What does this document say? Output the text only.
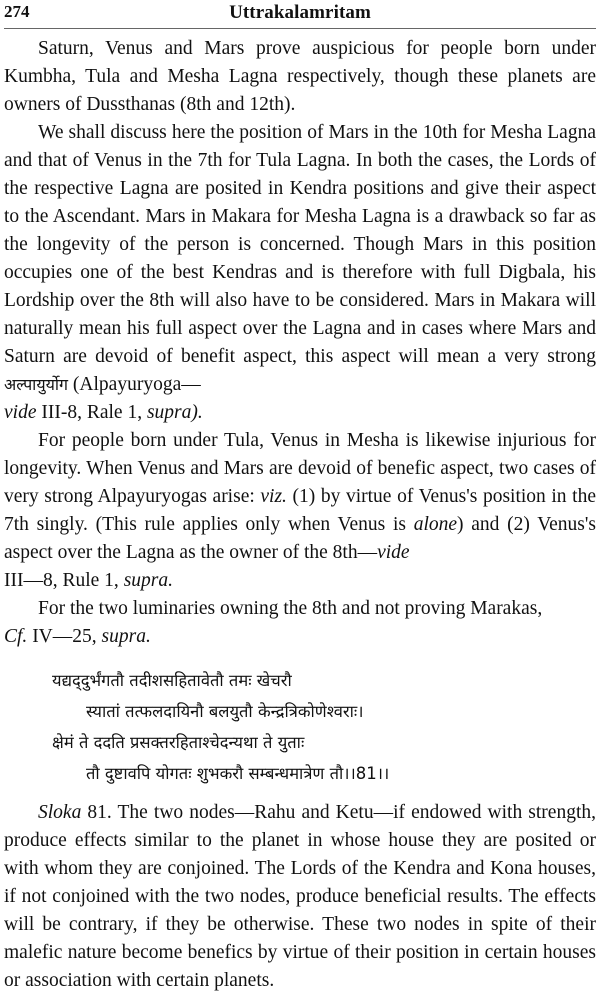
274	Uttrakalamritam

Saturn, Venus and Mars prove auspicious for people born under Kumbha, Tula and Mesha Lagna respectively, though these planets are owners of Dussthanas (8th and 12th).

We shall discuss here the position of Mars in the 10th for Mesha Lagna and that of Venus in the 7th for Tula Lagna. In both the cases, the Lords of the respective Lagna are posited in Kendra positions and give their aspect to the Ascendant. Mars in Makara for Mesha Lagna is a drawback so far as the longevity of the person is concerned. Though Mars in this position occupies one of the best Kendras and is therefore with full Digbala, his Lordship over the 8th will also have to be considered. Mars in Makara will naturally mean his full aspect over the Lagna and in cases where Mars and Saturn are devoid of benefit aspect, this aspect will mean a very strong अल्पायुर्योग (Alpayuryoga—
vide III-8, Rale 1, supra).

For people born under Tula, Venus in Mesha is likewise injurious for longevity. When Venus and Mars are devoid of benefic aspect, two cases of very strong Alpayuryogas arise: viz. (1) by virtue of Venus's position in the 7th singly. (This rule applies only when Venus is alone) and (2) Venus's aspect over the Lagna as the owner of the 8th—vide
III—8, Rule 1, supra.

For the two luminaries owning the 8th and not proving Marakas,
Cf. IV—25, supra.

यद्यद्‌दुर्भंगतौ तदीशसहितावेतौ तमः खेचरौ
स्यातां तत्फलदायिनौ बलयुतौ केन्द्रत्रिकोणेश्वराः।
क्षेमं ते ददति प्रसक्तरहिताश्चेदन्यथा ते युताः
तौ दुष्टावपि योगतः शुभकरौ सम्बन्धमात्रेण तौ।।81।।

Sloka 81. The two nodes—Rahu and Ketu—if endowed with strength, produce effects similar to the planet in whose house they are posited or with whom they are conjoined. The Lords of the Kendra and Kona houses, if not conjoined with the two nodes, produce beneficial results. The effects will be contrary, if they be otherwise. These two nodes in spite of their malefic nature become benefics by virtue of their position in certain houses or association with certain planets.
